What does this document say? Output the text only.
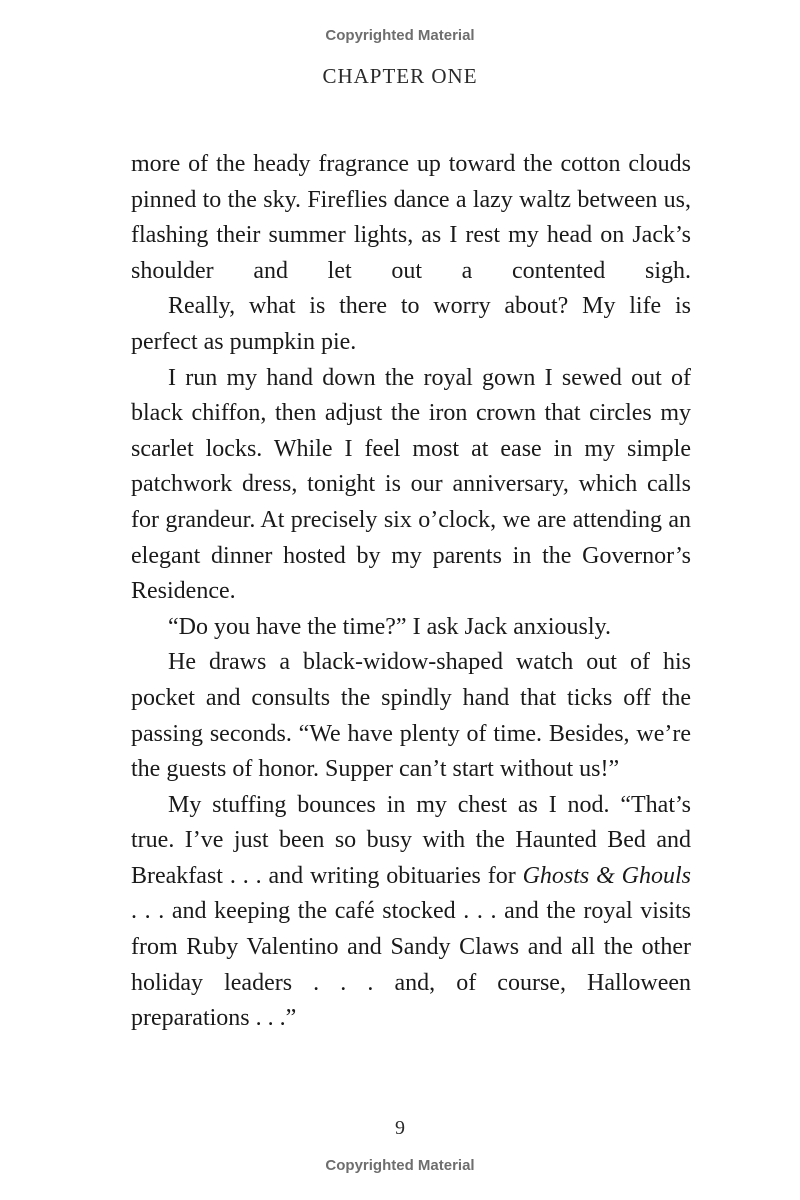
Copyrighted Material
CHAPTER ONE

more of the heady fragrance up toward the cotton clouds pinned to the sky. Fireflies dance a lazy waltz between us, flashing their summer lights, as I rest my head on Jack’s shoulder and let out a contented sigh.

Really, what is there to worry about? My life is perfect as pumpkin pie.

I run my hand down the royal gown I sewed out of black chiffon, then adjust the iron crown that circles my scarlet locks. While I feel most at ease in my simple patchwork dress, tonight is our anniversary, which calls for grandeur. At precisely six o’clock, we are attending an elegant dinner hosted by my parents in the Governor’s Residence.

“Do you have the time?” I ask Jack anxiously.

He draws a black-widow-shaped watch out of his pocket and consults the spindly hand that ticks off the passing seconds. “We have plenty of time. Besides, we’re the guests of honor. Supper can’t start without us!”

My stuffing bounces in my chest as I nod. “That’s true. I’ve just been so busy with the Haunted Bed and Breakfast . . . and writing obituaries for Ghosts & Ghouls . . . and keeping the café stocked . . . and the royal visits from Ruby Valentino and Sandy Claws and all the other holiday leaders . . . and, of course, Halloween preparations . . .”

9
Copyrighted Material
